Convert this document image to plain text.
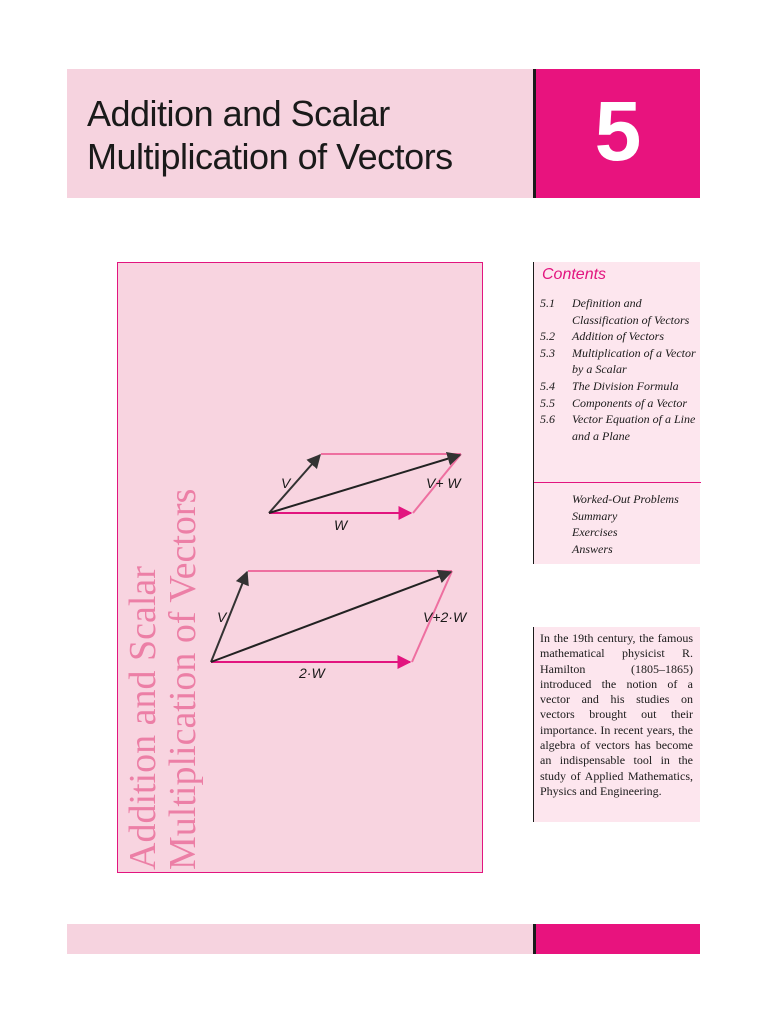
Addition and Scalar
Multiplication of Vectors	5
Addition and Scalar
Multiplication of Vectors
V
W
V+ W
V
2·W
V+2·W
Contents
5.1	Definition and Classification of Vectors
5.2	Addition of Vectors
5.3	Multiplication of a Vector by a Scalar
5.4	The Division Formula
5.5	Components of a Vector
5.6	Vector Equation of a Line and a Plane
Worked-Out Problems
Summary
Exercises
Answers

In the 19th century, the famous mathematical physicist R. Hamilton (1805–1865) introduced the notion of a vector and his studies on vectors brought out their importance. In recent years, the algebra of vectors has become an indispensable tool in the study of Applied Mathematics, Physics and Engineering.
